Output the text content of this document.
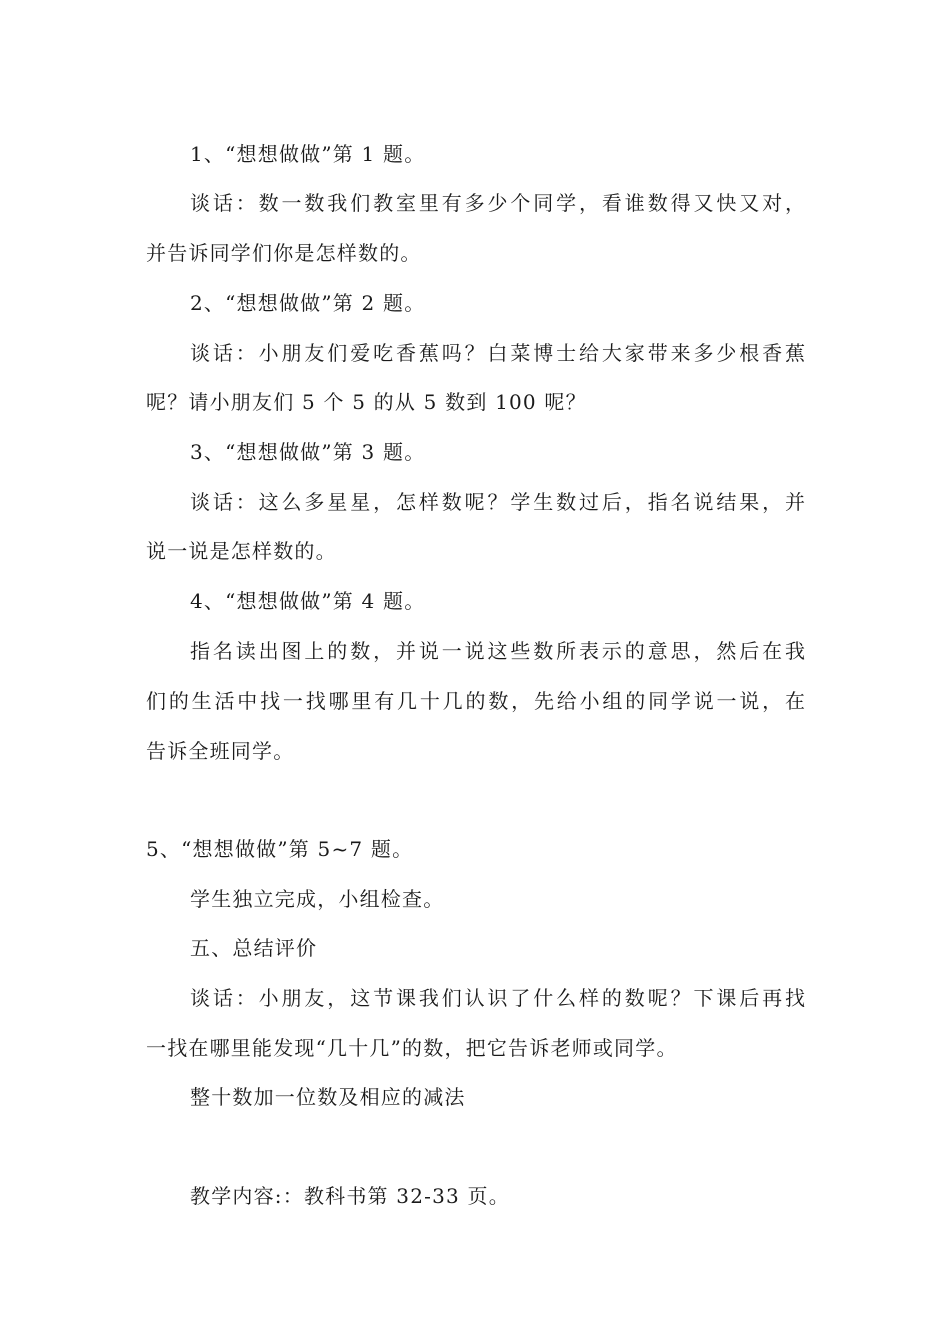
1、“想想做做”第 1 题。
谈话：数一数我们教室里有多少个同学，看谁数得又快又对，
并告诉同学们你是怎样数的。
2、“想想做做”第 2 题。
谈话：小朋友们爱吃香蕉吗？白菜博士给大家带来多少根香蕉
呢？请小朋友们 5 个 5 的从 5 数到 100 呢？
3、“想想做做”第 3 题。
谈话：这么多星星，怎样数呢？学生数过后，指名说结果，并
说一说是怎样数的。
4、“想想做做”第 4 题。
指名读出图上的数，并说一说这些数所表示的意思，然后在我
们的生活中找一找哪里有几十几的数，先给小组的同学说一说，在
告诉全班同学。
5、“想想做做”第 5~7 题。
学生独立完成，小组检查。
五、总结评价
谈话：小朋友，这节课我们认识了什么样的数呢？下课后再找
一找在哪里能发现“几十几”的数，把它告诉老师或同学。
整十数加一位数及相应的减法
教学内容:：教科书第 32-33 页。
